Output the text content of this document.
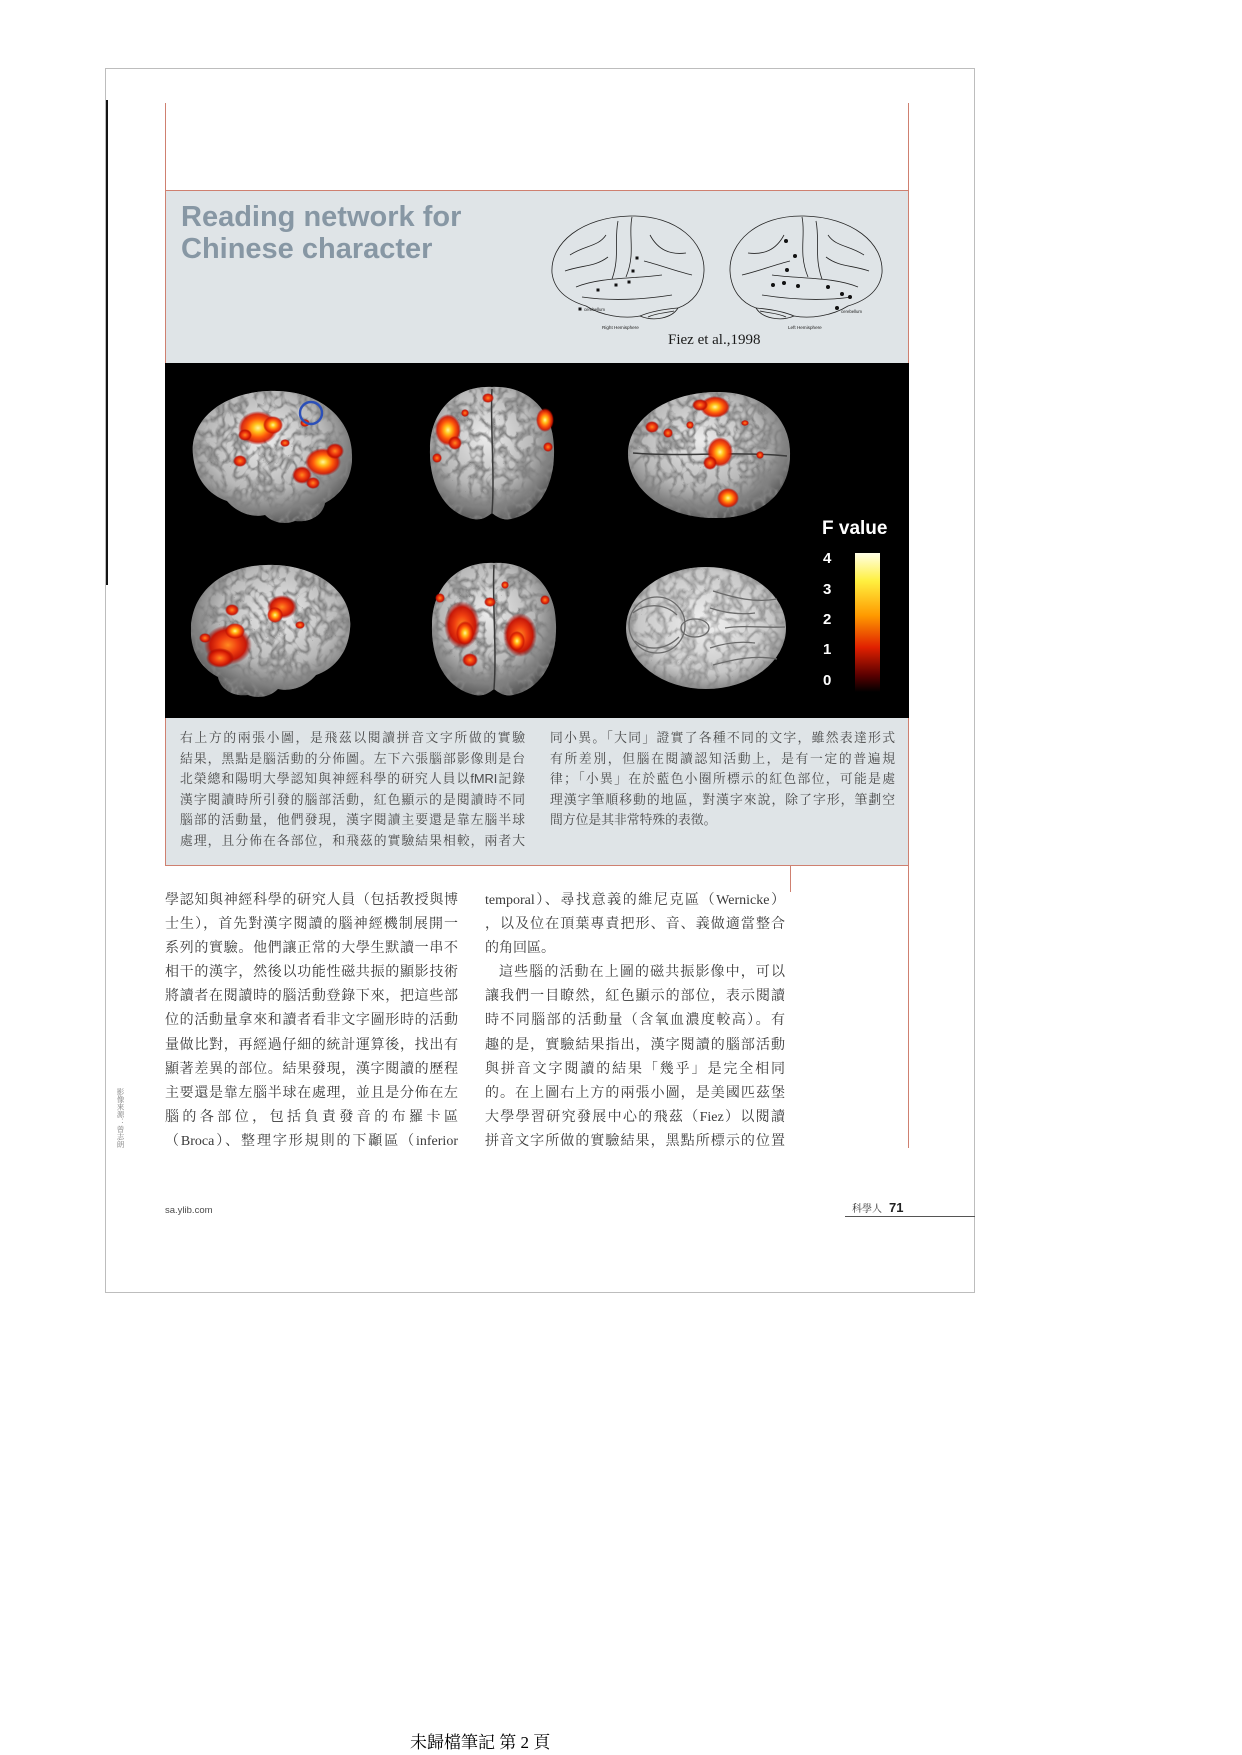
Reading network for
Chinese character
cerebellum
Right Hemisphere
cerebellum
Left Hemisphere
Fiez et al.,1998
F value
4
3
2
1
0
右上方的兩張小圖，是飛茲以閱讀拼音文字所做的實驗
結果，黑點是腦活動的分佈圖。左下六張腦部影像則是台
北榮總和陽明大學認知與神經科學的研究人員以fMRI記錄
漢字閱讀時所引發的腦部活動，紅色顯示的是閱讀時不同
腦部的活動量，他們發現，漢字閱讀主要還是靠左腦半球
處理，且分佈在各部位，和飛茲的實驗結果相較，兩者大
同小異。「大同」證實了各種不同的文字，雖然表達形式
有所差別，但腦在閱讀認知活動上，是有一定的普遍規
律；「小異」在於藍色小圈所標示的紅色部位，可能是處
理漢字筆順移動的地區，對漢字來說，除了字形，筆劃空
間方位是其非常特殊的表徵。
學認知與神經科學的研究人員（包括教授與博
士生），首先對漢字閱讀的腦神經機制展開一
系列的實驗。他們讓正常的大學生默讀一串不
相干的漢字，然後以功能性磁共振的顯影技術
將讀者在閱讀時的腦活動登錄下來，把這些部
位的活動量拿來和讀者看非文字圖形時的活動
量做比對，再經過仔細的統計運算後，找出有
顯著差異的部位。結果發現，漢字閱讀的歷程
主要還是靠左腦半球在處理，並且是分佈在左
腦的各部位，包括負責發音的布羅卡區
（Broca）、整理字形規則的下顳區（inferior
temporal）、尋找意義的維尼克區（Wernicke）
，以及位在頂葉專責把形、音、義做適當整合
的角回區。
這些腦的活動在上圖的磁共振影像中，可以
讓我們一目瞭然，紅色顯示的部位，表示閱讀
時不同腦部的活動量（含氧血濃度較高）。有
趣的是，實驗結果指出，漢字閱讀的腦部活動
與拼音文字閱讀的結果「幾乎」是完全相同
的。在上圖右上方的兩張小圖，是美國匹茲堡
大學學習研究發展中心的飛茲（Fiez）以閱讀
拼音文字所做的實驗結果，黑點所標示的位置
影像來源：曾志朗
sa.ylib.com	科學人 71
未歸檔筆記 第 2 頁
